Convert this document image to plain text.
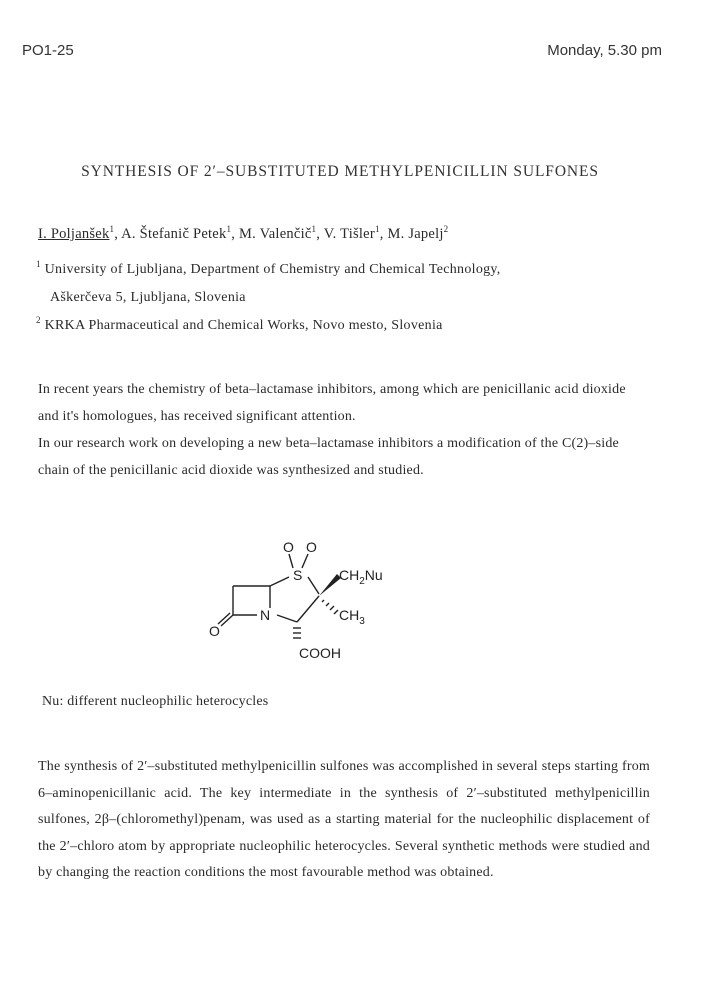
PO1-25	Monday, 5.30 pm
SYNTHESIS OF 2′–SUBSTITUTED METHYLPENICILLIN SULFONES
I. Poljanšek$^1$, A. Štefanič Petek$^1$, M. Valenčič$^1$, V. Tišler$^1$, M. Japelj$^2$
$^1$ University of Ljubljana, Department of Chemistry and Chemical Technology,
Aškerčeva 5, Ljubljana, Slovenia
$^2$ KRKA Pharmaceutical and Chemical Works, Novo mesto, Slovenia

In recent years the chemistry of beta–lactamase inhibitors, among which are penicillanic acid dioxide and it's homologues, has received significant attention.

In our research work on developing a new beta–lactamase inhibitors a modification of the C(2)–side chain of the penicillanic acid dioxide was synthesized and studied.

O O
S
N
O
$CH_2Nu$
$CH_3$
COOH
Nu: different nucleophilic heterocycles

The synthesis of 2′–substituted methylpenicillin sulfones was accomplished in several steps starting from 6–aminopenicillanic acid. The key intermediate in the synthesis of 2′–substituted methylpenicillin sulfones, 2β–(chloromethyl)penam, was used as a starting material for the nucleophilic displacement of the 2′–chloro atom by appropriate nucleophilic heterocycles. Several synthetic methods were studied and by changing the reaction conditions the most favourable method was obtained.
